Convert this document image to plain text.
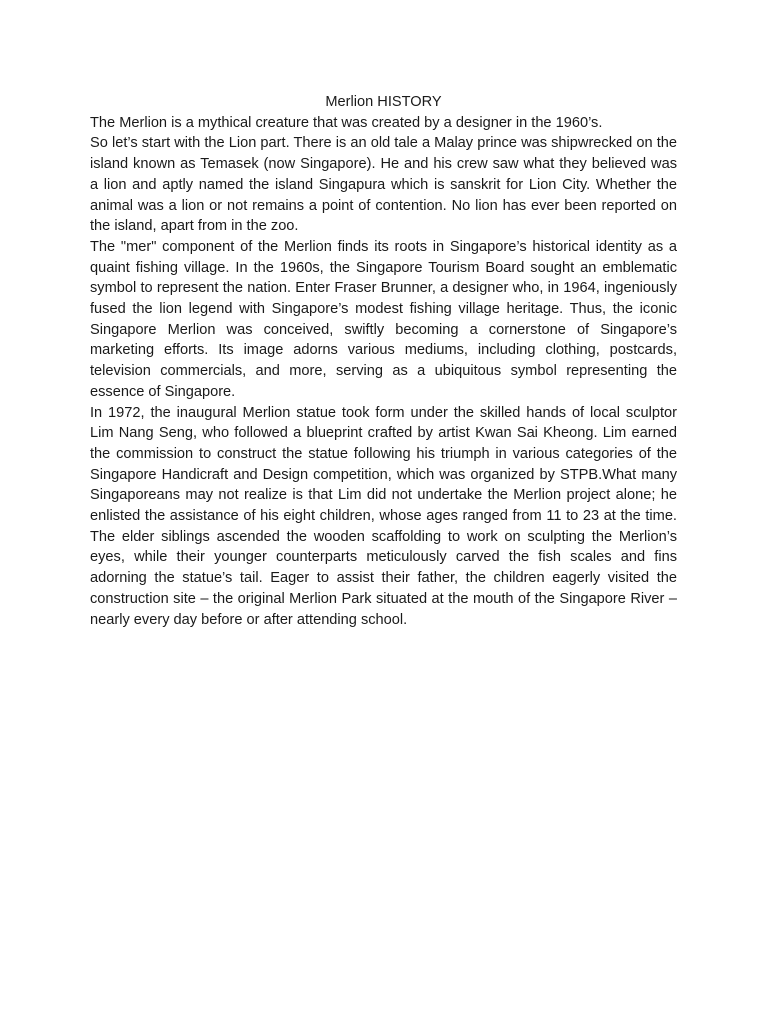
Merlion HISTORY

The Merlion is a mythical creature that was created by a designer in the 1960’s.

So let’s start with the Lion part. There is an old tale a Malay prince was shipwrecked on the island known as Temasek (now Singapore). He and his crew saw what they believed was a lion and aptly named the island Singapura which is sanskrit for Lion City. Whether the animal was a lion or not remains a point of contention. No lion has ever been reported on the island, apart from in the zoo.

The "mer" component of the Merlion finds its roots in Singapore’s historical identity as a quaint fishing village. In the 1960s, the Singapore Tourism Board sought an emblematic symbol to represent the nation. Enter Fraser Brunner, a designer who, in 1964, ingeniously fused the lion legend with Singapore’s modest fishing village heritage. Thus, the iconic Singapore Merlion was conceived, swiftly becoming a cornerstone of Singapore’s marketing efforts. Its image adorns various mediums, including clothing, postcards, television commercials, and more, serving as a ubiquitous symbol representing the essence of Singapore.

In 1972, the inaugural Merlion statue took form under the skilled hands of local sculptor Lim Nang Seng, who followed a blueprint crafted by artist Kwan Sai Kheong. Lim earned the commission to construct the statue following his triumph in various categories of the Singapore Handicraft and Design competition, which was organized by STPB.What many Singaporeans may not realize is that Lim did not undertake the Merlion project alone; he enlisted the assistance of his eight children, whose ages ranged from 11 to 23 at the time. The elder siblings ascended the wooden scaffolding to work on sculpting the Merlion’s eyes, while their younger counterparts meticulously carved the fish scales and fins adorning the statue’s tail. Eager to assist their father, the children eagerly visited the construction site – the original Merlion Park situated at the mouth of the Singapore River – nearly every day before or after attending school.
